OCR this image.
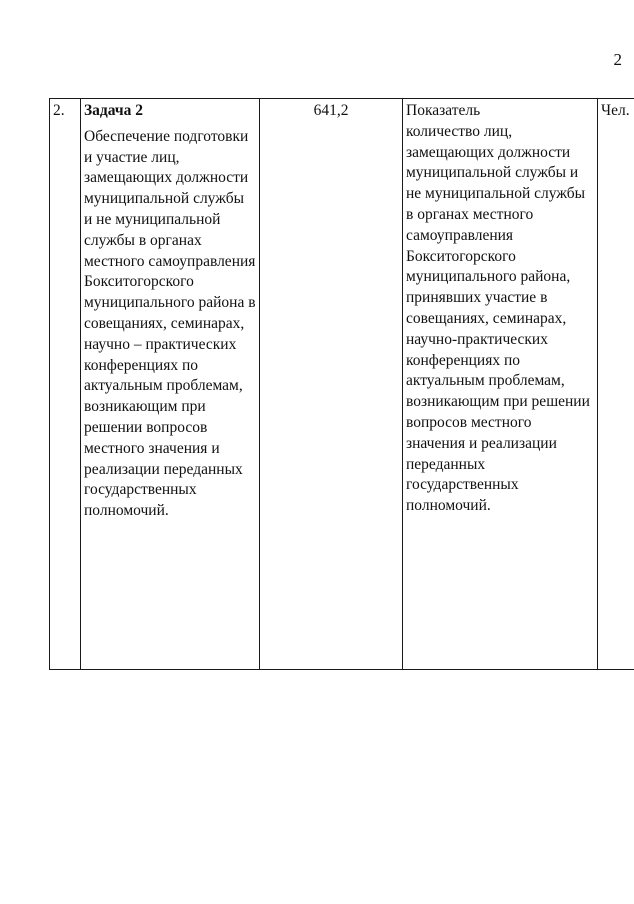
2
2.	Задача 2
Обеспечение подготовки и участие лиц, замещающих должности муниципальной службы и не муниципальной службы в органах местного самоуправления Бокситогорского муниципального района в совещаниях, семинарах, научно – практических конференциях по актуальным проблемам, возникающим при решении вопросов местного значения и реализации переданных государственных полномочий.
	641,2	Показатель
количество лиц, замещающих должности муниципальной службы и не муниципальной службы в органах местного самоуправления Бокситогорского муниципального района, принявших участие в совещаниях, семинарах, научно-практических конференциях по актуальным проблемам, возникающим при решении вопросов местного значения и реализации переданных государственных полномочий.	Чел.
